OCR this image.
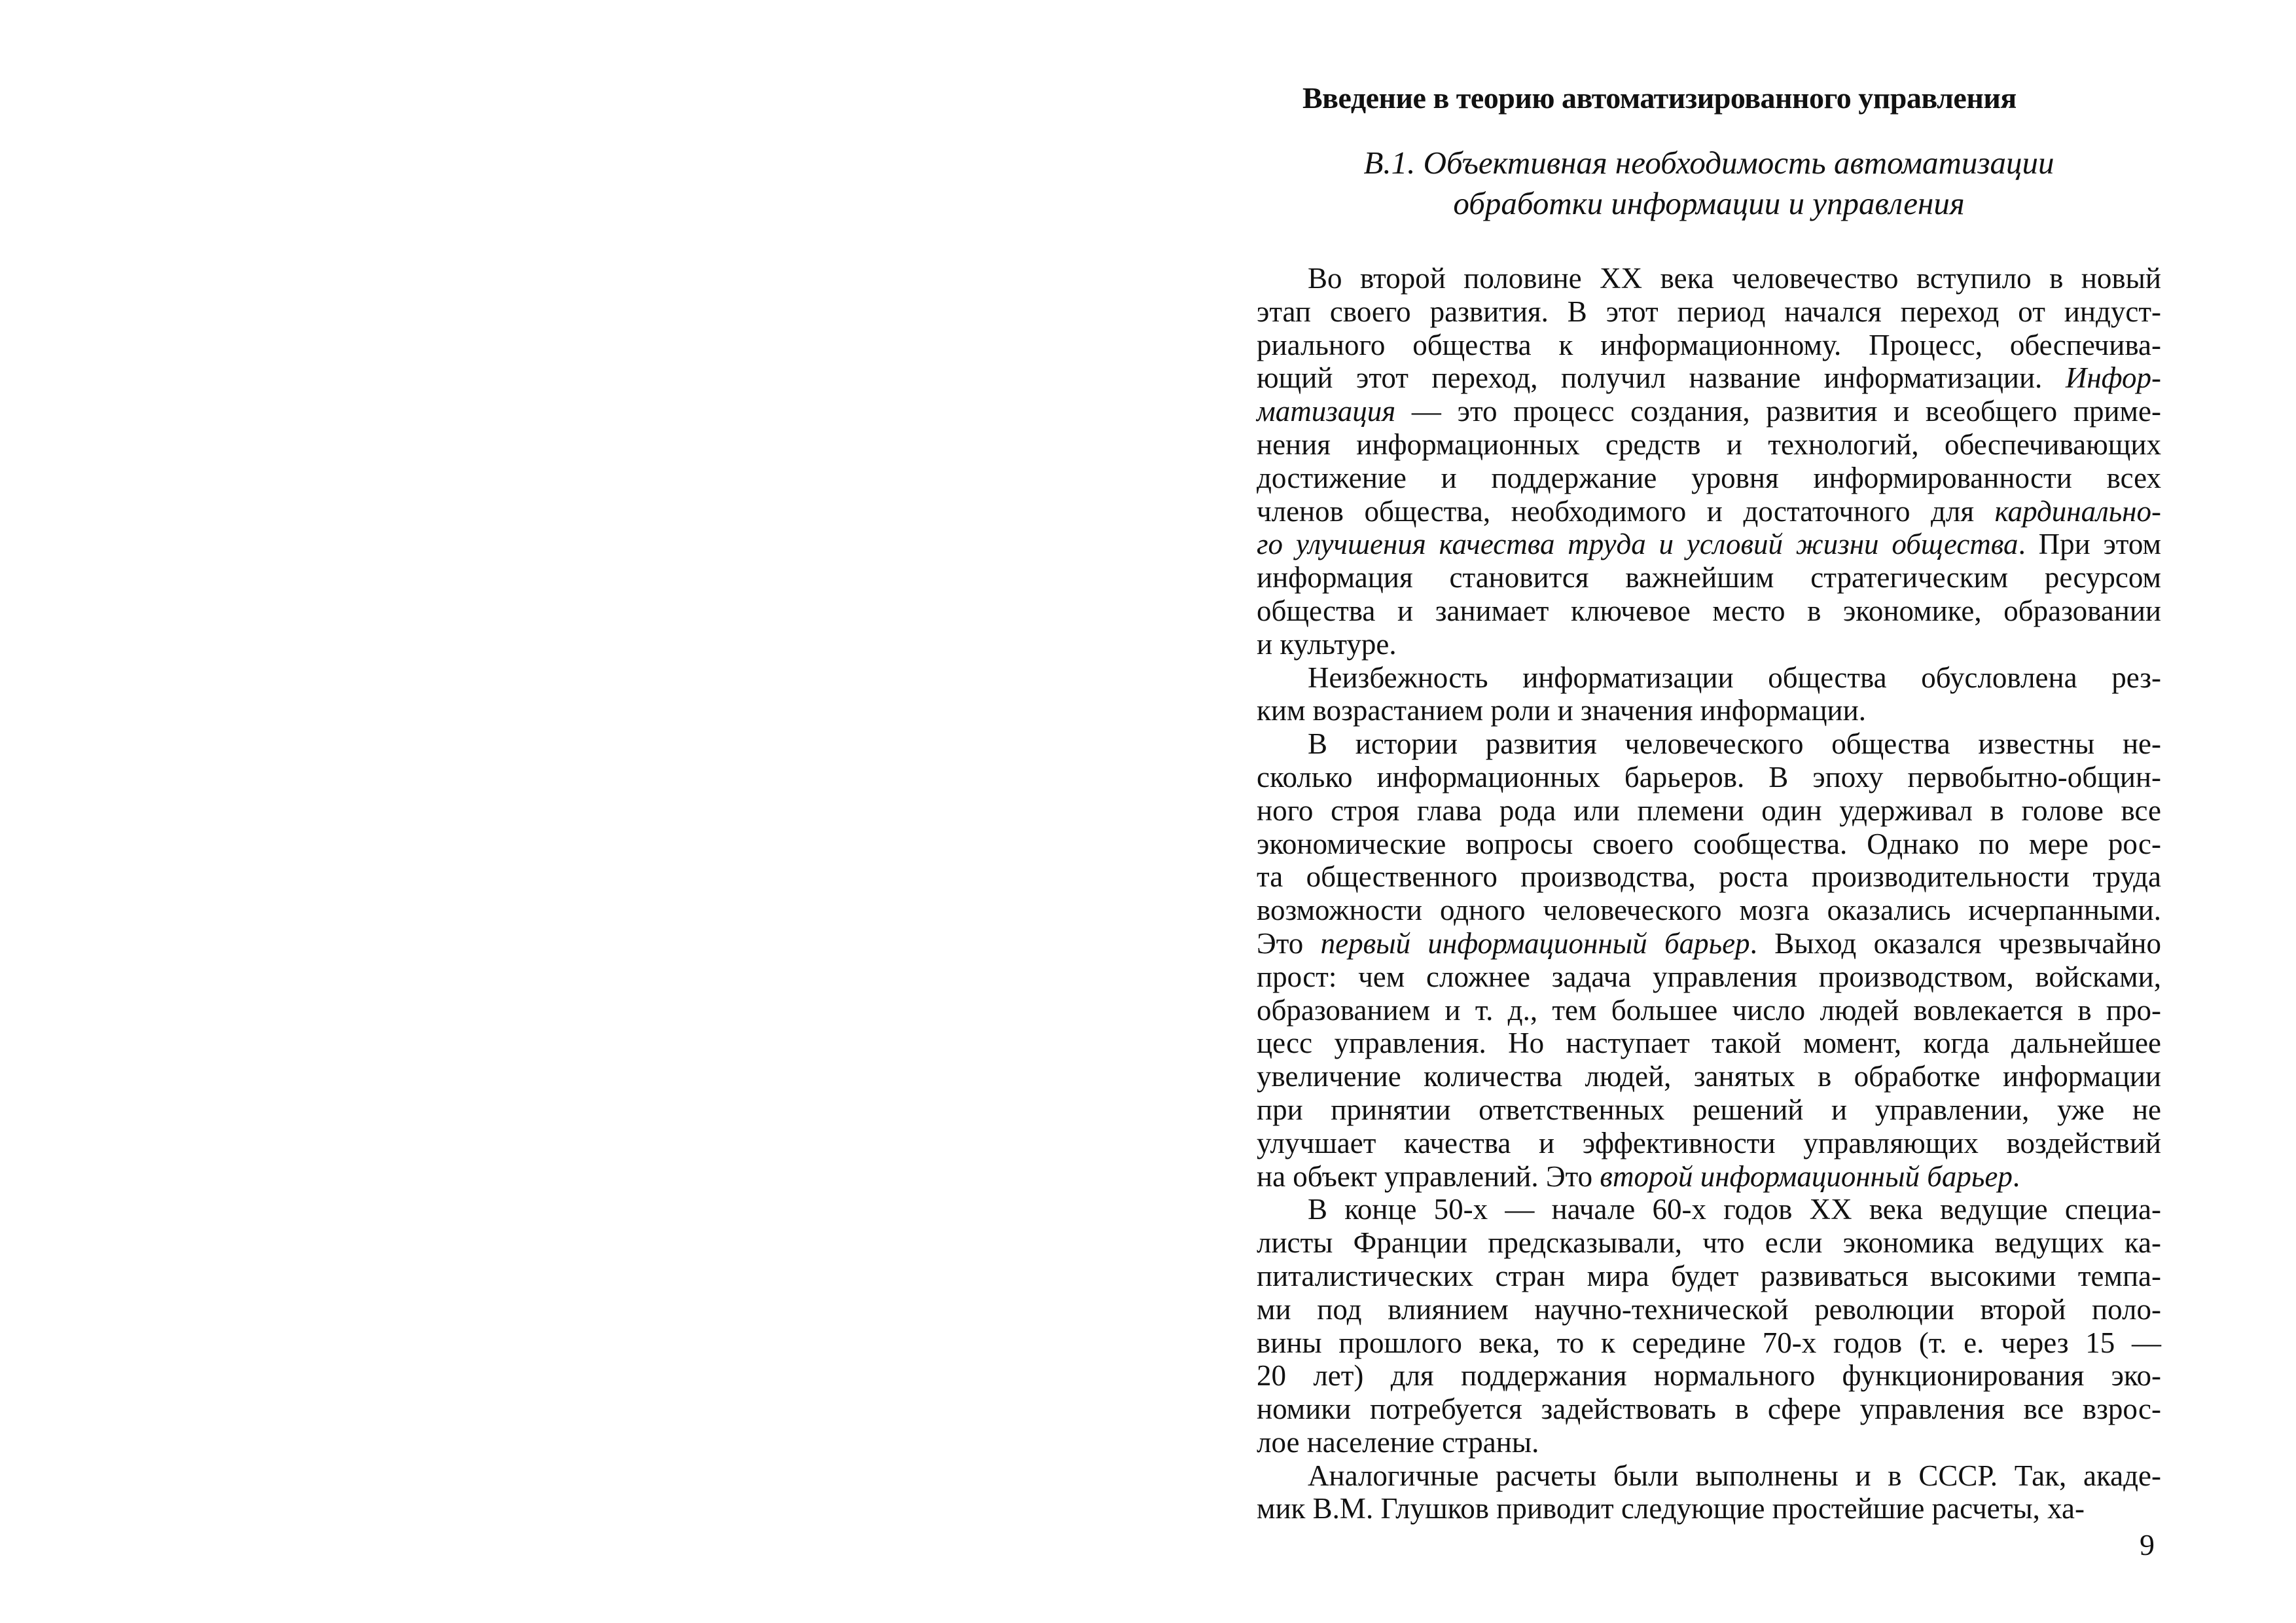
Введение в теорию автоматизированного управления
В.1. Объективная необходимость автоматизации
обработки информации и управления
Во второй половине XX века человечество вступило в новый
этап своего развития. В этот период начался переход от индуст-
риального общества к информационному. Процесс, обеспечива-
ющий этот переход, получил название информатизации. Инфор-
матизация — это процесс создания, развития и всеобщего приме-
нения информационных средств и технологий, обеспечивающих
достижение и поддержание уровня информированности всех
членов общества, необходимого и достаточного для кардинально-
го улучшения качества труда и условий жизни общества. При этом
информация становится важнейшим стратегическим ресурсом
общества и занимает ключевое место в экономике, образовании
и культуре.
Неизбежность информатизации общества обусловлена рез-
ким возрастанием роли и значения информации.
В истории развития человеческого общества известны не-
сколько информационных барьеров. В эпоху первобытно-общин-
ного строя глава рода или племени один удерживал в голове все
экономические вопросы своего сообщества. Однако по мере рос-
та общественного производства, роста производительности труда
возможности одного человеческого мозга оказались исчерпанными.
Это первый информационный барьер. Выход оказался чрезвычайно
прост: чем сложнее задача управления производством, войсками,
образованием и т. д., тем большее число людей вовлекается в про-
цесс управления. Но наступает такой момент, когда дальнейшее
увеличение количества людей, занятых в обработке информации
при принятии ответственных решений и управлении, уже не
улучшает качества и эффективности управляющих воздействий
на объект управлений. Это второй информационный барьер.
В конце 50-х — начале 60-х годов XX века ведущие специа-
листы Франции предсказывали, что если экономика ведущих ка-
питалистических стран мира будет развиваться высокими темпа-
ми под влиянием научно-технической революции второй поло-
вины прошлого века, то к середине 70-х годов (т. е. через 15 —
20 лет) для поддержания нормального функционирования эко-
номики потребуется задействовать в сфере управления все взрос-
лое население страны.
Аналогичные расчеты были выполнены и в СССР. Так, акаде-
мик В.М. Глушков приводит следующие простейшие расчеты, ха-
9
